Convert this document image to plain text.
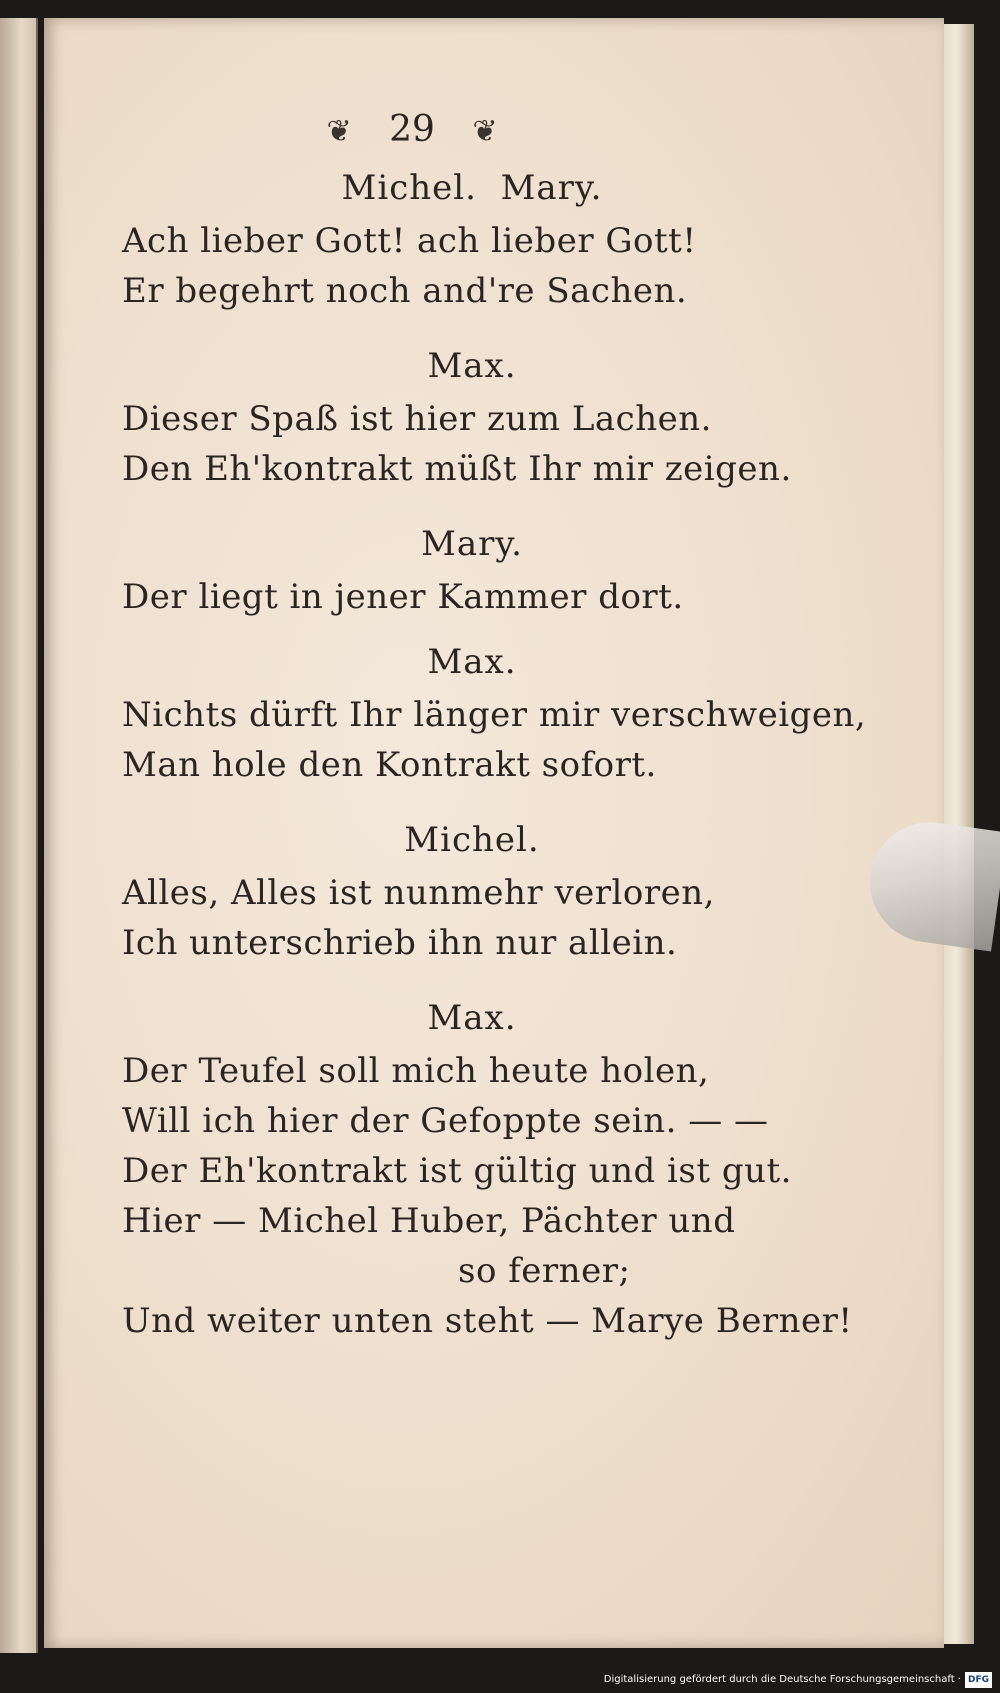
❦ 29 ❦
Michel.  Mary.
Ach lieber Gott! ach lieber Gott!
Er begehrt noch and're Sachen.
Max.
Dieser Spaß ist hier zum Lachen.
Den Eh'kontrakt müßt Ihr mir zeigen.
Mary.
Der liegt in jener Kammer dort.
Max.
Nichts dürft Ihr länger mir verschweigen,
Man hole den Kontrakt sofort.
Michel.
Alles, Alles ist nunmehr verloren,
Ich unterschrieb ihn nur allein.
Max.
Der Teufel soll mich heute holen,
Will ich hier der Gefoppte sein. — —
Der Eh'kontrakt ist gültig und ist gut.
Hier — Michel Huber, Pächter und
so ferner;
Und weiter unten steht — Marye Berner!
Digitalisierung gefördert durch die Deutsche Forschungsgemeinschaft · DFG
